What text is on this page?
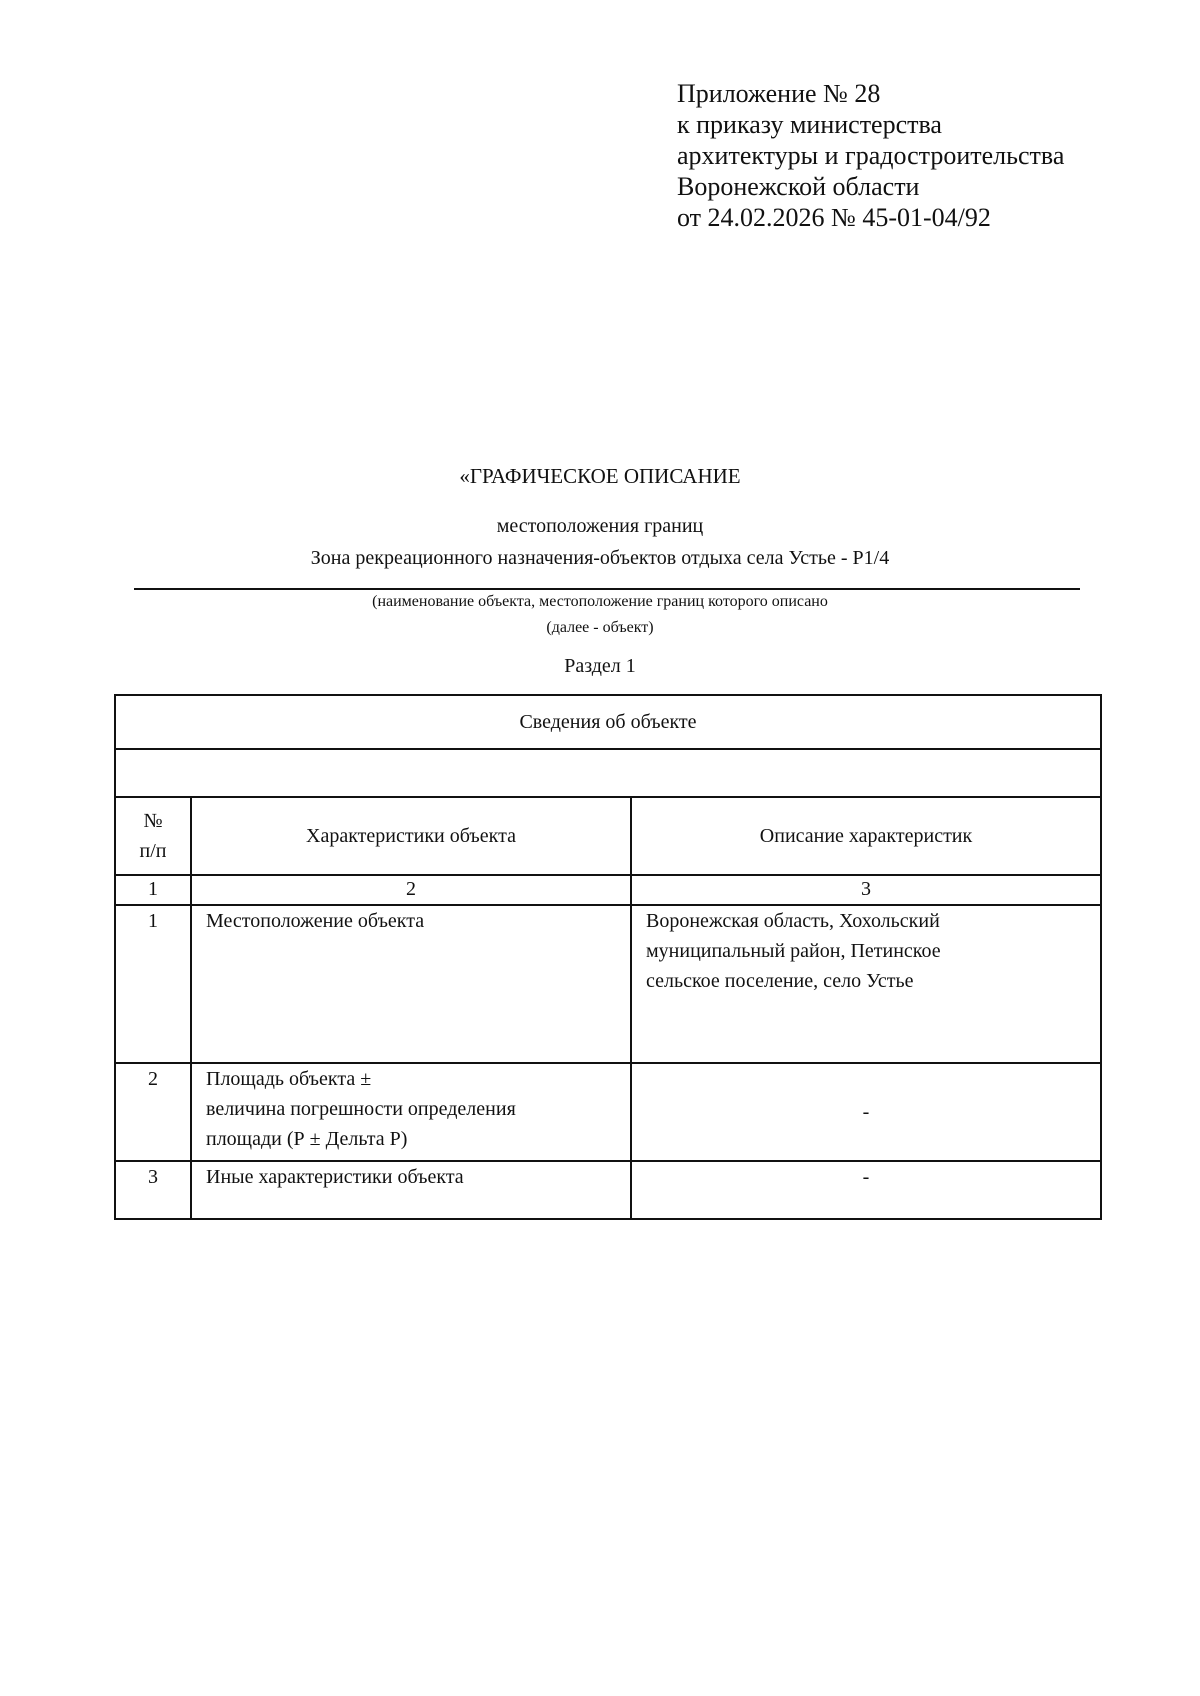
Приложение № 28
к приказу министерства
архитектуры и градостроительства
Воронежской области
от 24.02.2026 № 45-01-04/92
«ГРАФИЧЕСКОЕ ОПИСАНИЕ
местоположения границ
Зона рекреационного назначения-объектов отдыха села Устье - Р1/4
(наименование объекта, местоположение границ которого описано
(далее - объект)
Раздел 1
Сведения об объекте		

№
п/п	Характеристики объекта	Описание характеристик
1	2	3
1	Местоположение объекта	Воронежская область, Хохольский
муниципальный район, Петинское
сельское поселение, село Устье

2	Площадь объекта ±
величина погрешности определения
площади (Р ± Дельта Р)	-
3	Иные характеристики объекта	-
